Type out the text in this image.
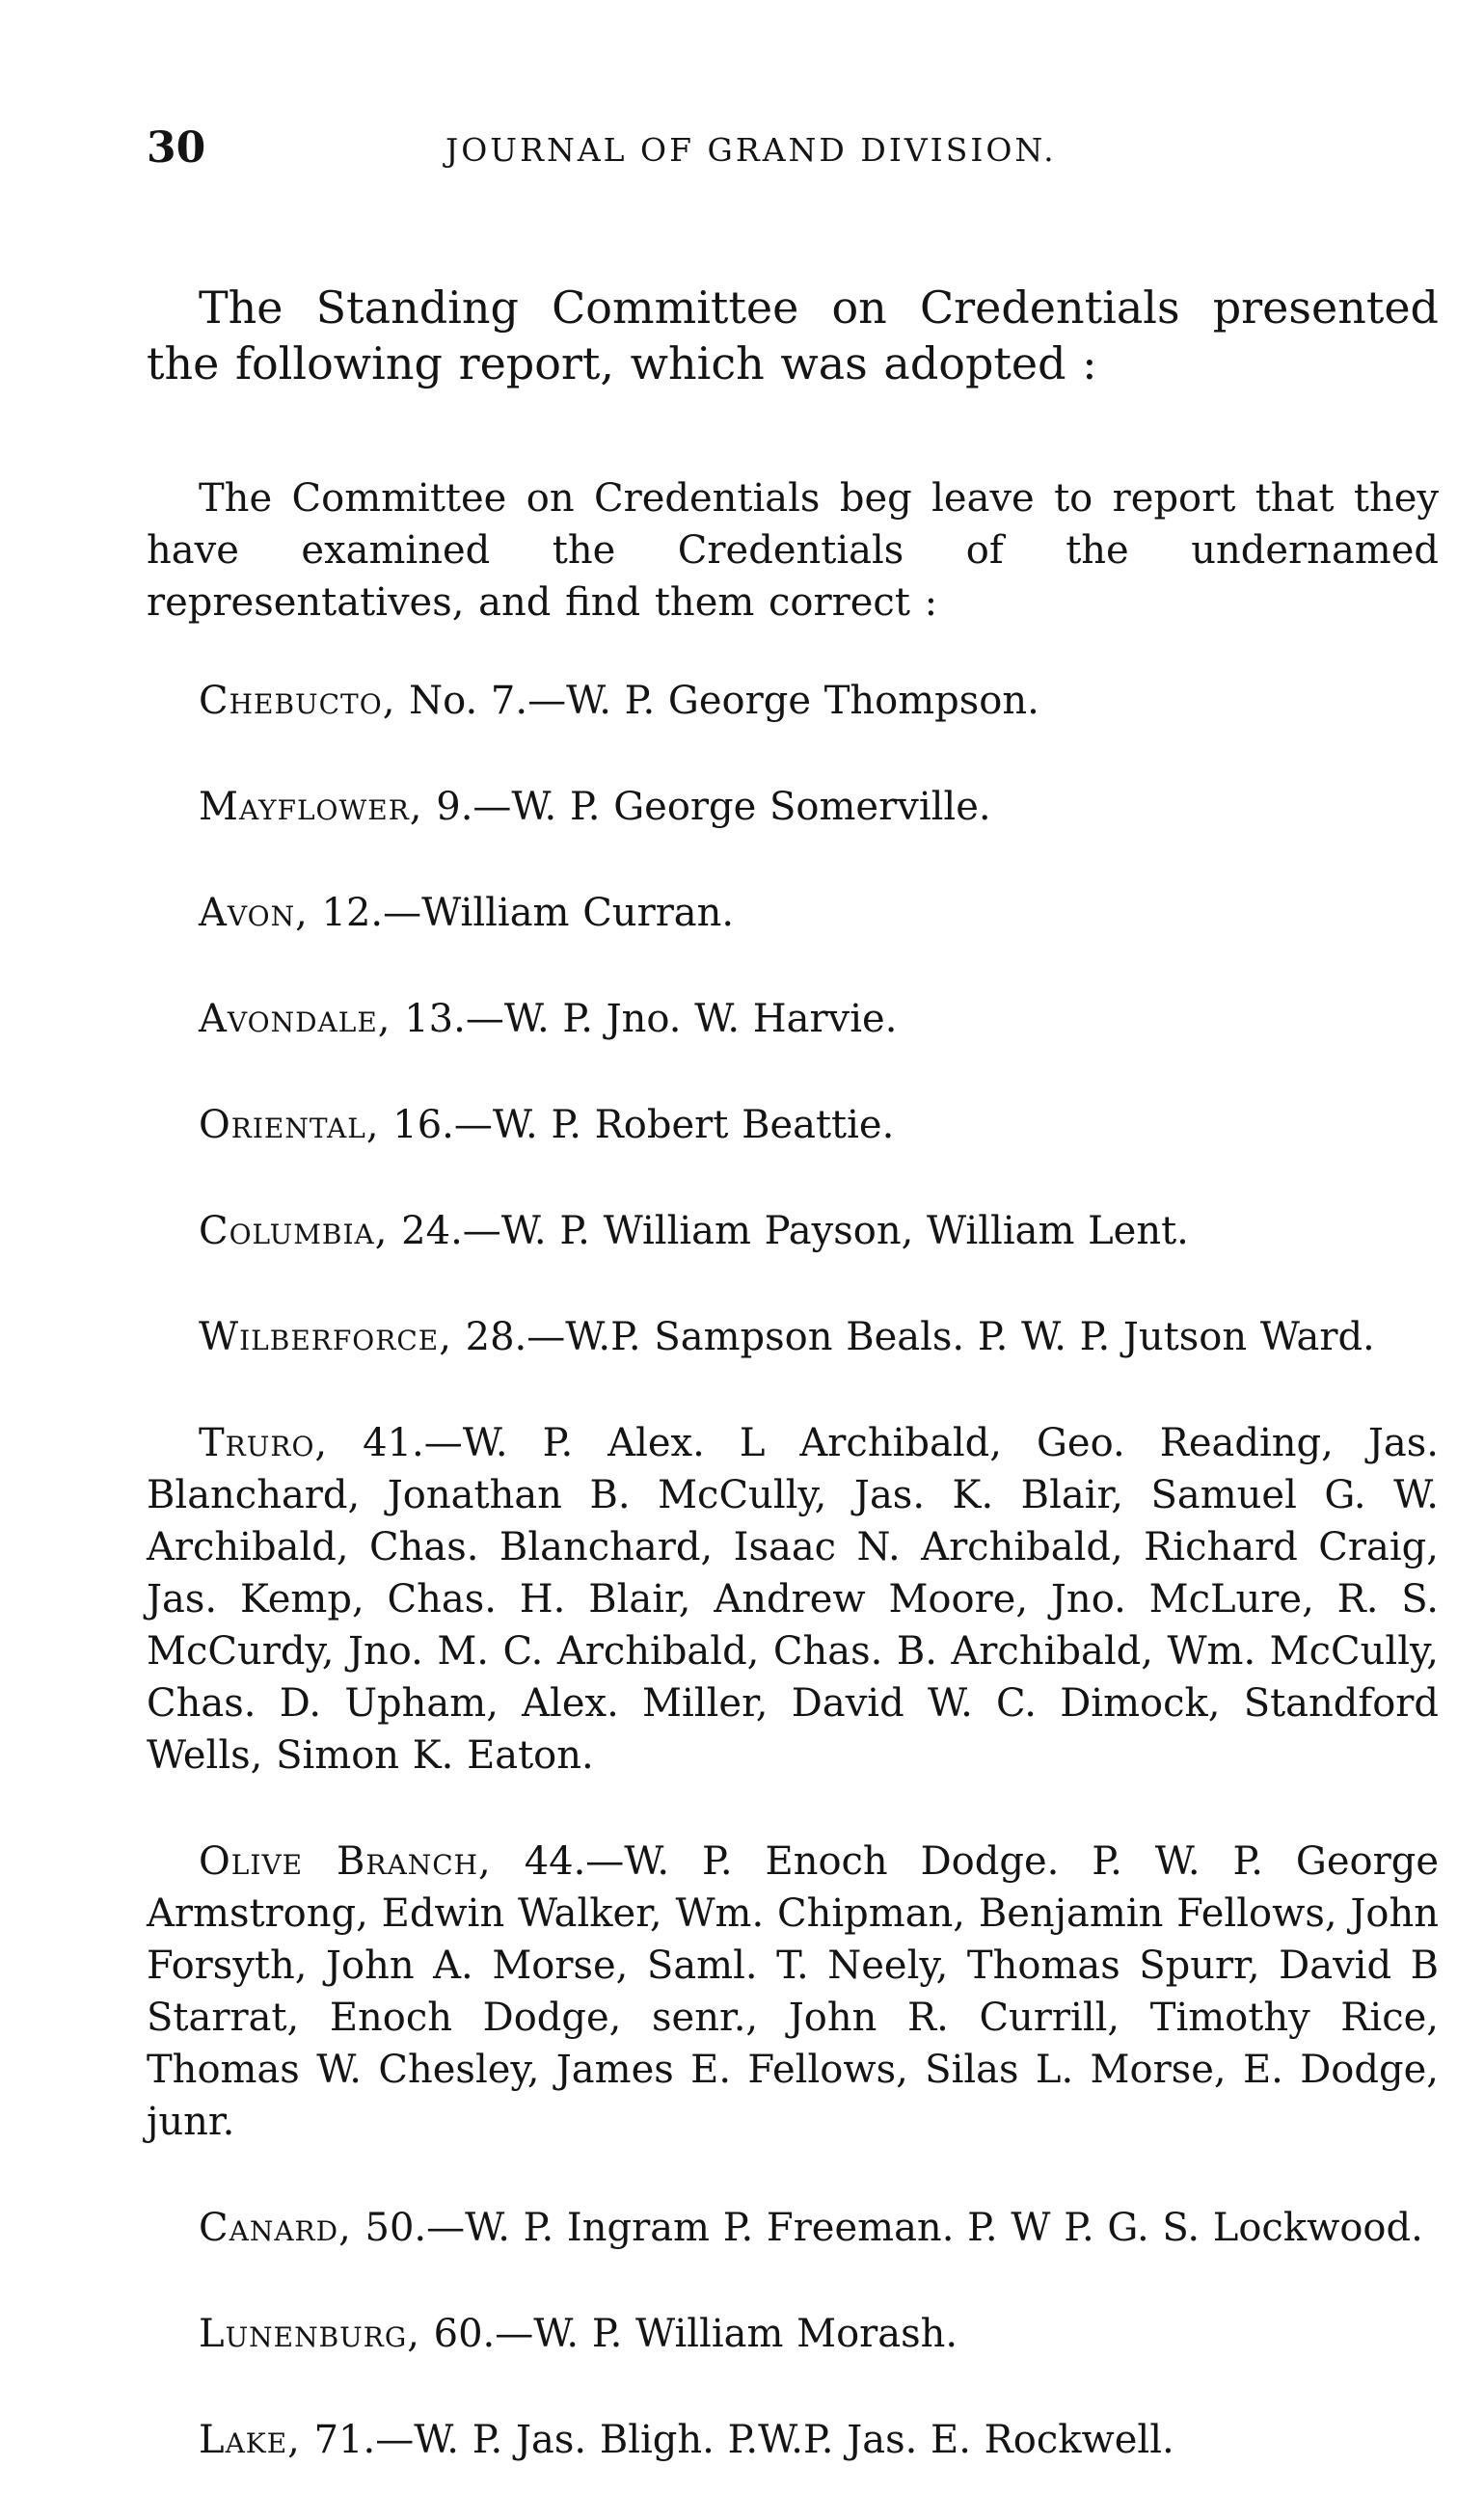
30	JOURNAL OF GRAND DIVISION.

The Standing Committee on Credentials presented the following report, which was adopted :

The Committee on Credentials beg leave to report that they have examined the Credentials of the undernamed representatives, and find them correct :

Chebucto, No. 7.—W. P. George Thompson.

Mayflower, 9.—W. P. George Somerville.

Avon, 12.—William Curran.

Avondale, 13.—W. P. Jno. W. Harvie.

Oriental, 16.—W. P. Robert Beattie.

Columbia, 24.—W. P. William Payson, William Lent.

Wilberforce, 28.—W.P. Sampson Beals. P. W. P. Jutson Ward.

Truro, 41.—W. P. Alex. L Archibald, Geo. Reading, Jas. Blanchard, Jonathan B. McCully, Jas. K. Blair, Samuel G. W. Archibald, Chas. Blanchard, Isaac N. Archibald, Richard Craig, Jas. Kemp, Chas. H. Blair, Andrew Moore, Jno. McLure, R. S. McCurdy, Jno. M. C. Archibald, Chas. B. Archibald, Wm. McCully, Chas. D. Upham, Alex. Miller, David W. C. Dimock, Standford Wells, Simon K. Eaton.

Olive Branch, 44.—W. P. Enoch Dodge. P. W. P. George Armstrong, Edwin Walker, Wm. Chipman, Benjamin Fellows, John Forsyth, John A. Morse, Saml. T. Neely, Thomas Spurr, David B Starrat, Enoch Dodge, senr., John R. Currill, Timothy Rice, Thomas W. Chesley, James E. Fellows, Silas L. Morse, E. Dodge, junr.

Canard, 50.—W. P. Ingram P. Freeman. P. W P. G. S. Lockwood.

Lunenburg, 60.—W. P. William Morash.

Lake, 71.—W. P. Jas. Bligh. P.W.P. Jas. E. Rockwell.
